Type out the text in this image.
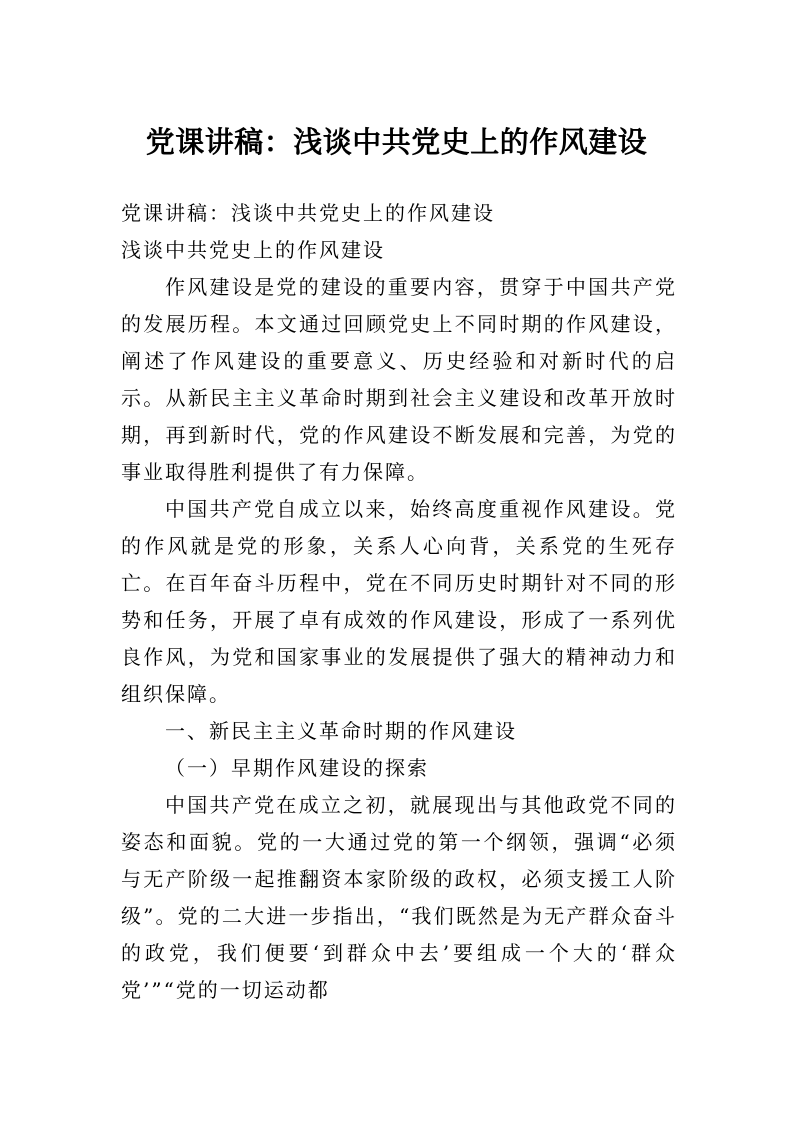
党课讲稿：浅谈中共党史上的作风建设

党课讲稿：浅谈中共党史上的作风建设

浅谈中共党史上的作风建设

作风建设是党的建设的重要内容，贯穿于中国共产党的发展历程。本文通过回顾党史上不同时期的作风建设，阐述了作风建设的重要意义、历史经验和对新时代的启示。从新民主主义革命时期到社会主义建设和改革开放时期，再到新时代，党的作风建设不断发展和完善，为党的事业取得胜利提供了有力保障。

中国共产党自成立以来，始终高度重视作风建设。党的作风就是党的形象，关系人心向背，关系党的生死存亡。在百年奋斗历程中，党在不同历史时期针对不同的形势和任务，开展了卓有成效的作风建设，形成了一系列优良作风，为党和国家事业的发展提供了强大的精神动力和组织保障。

一、新民主主义革命时期的作风建设

（一）早期作风建设的探索

中国共产党在成立之初，就展现出与其他政党不同的姿态和面貌。党的一大通过党的第一个纲领，强调“必须与无产阶级一起推翻资本家阶级的政权，必须支援工人阶级”。党的二大进一步指出，“我们既然是为无产群众奋斗的政党，我们便要‘到群众中去’要组成一个大的‘群众党’”“党的一切运动都
